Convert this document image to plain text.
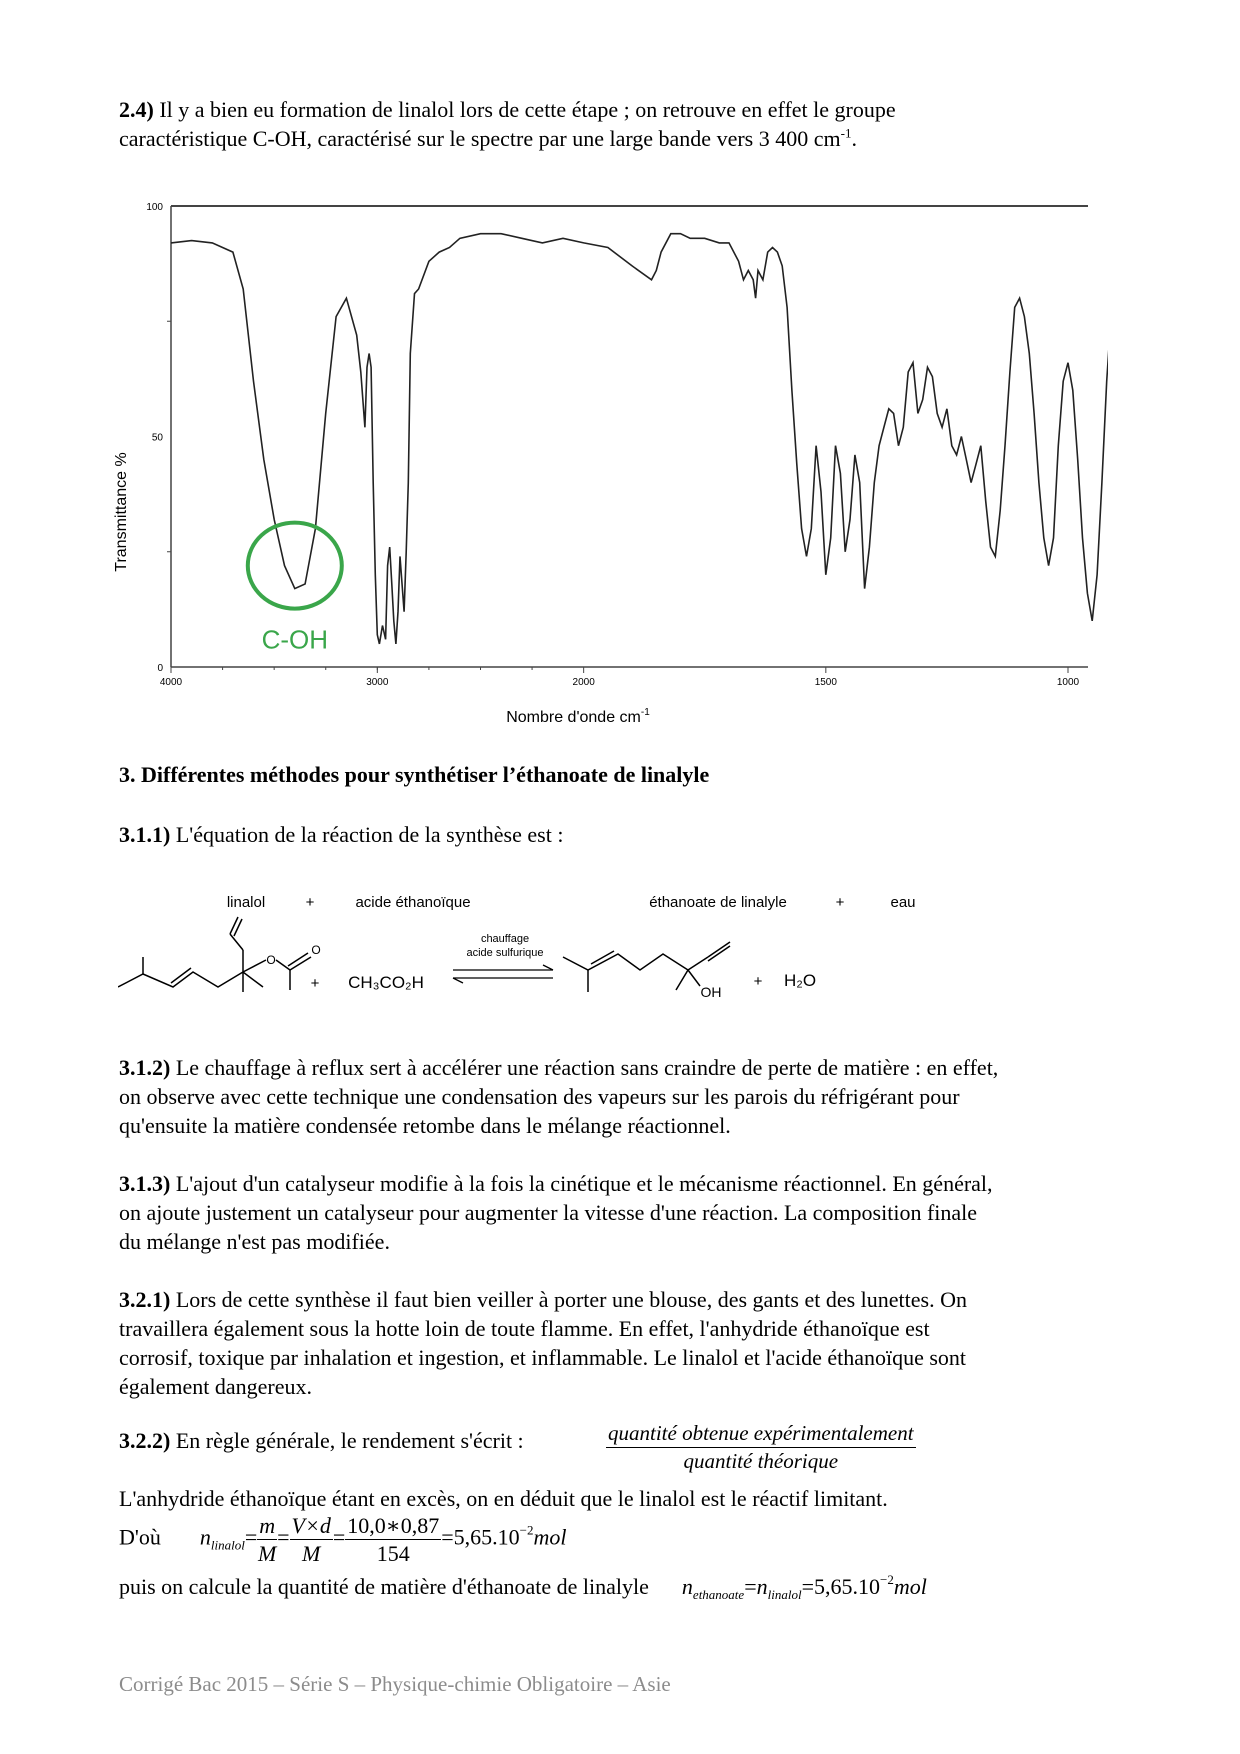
2.4) Il y a bien eu formation de linalol lors de cette étape ; on retrouve en effet le groupe
caractéristique C-OH, caractérisé sur le spectre par une large bande vers 3 400 $cm^{-1}$.

100
50
0
4000	3000	2000	1500	1000
Transmittance %
Nombre d'onde $cm^{-1}$
C-OH

3. Différentes méthodes pour synthétiser l’éthanoate de linalyle

3.1.1) L'équation de la réaction de la synthèse est :

linalol	+	acide éthanoïque	éthanoate de linalyle	+	eau
O
O
+ CH₃CO₂H
chauffage
acide sulfurique
OH
+ H₂O

3.1.2) Le chauffage à reflux sert à accélérer une réaction sans craindre de perte de matière : en effet,
on observe avec cette technique une condensation des vapeurs sur les parois du réfrigérant pour
qu'ensuite la matière condensée retombe dans le mélange réactionnel.

3.1.3) L'ajout d'un catalyseur modifie à la fois la cinétique et le mécanisme réactionnel. En général,
on ajoute justement un catalyseur pour augmenter la vitesse d'une réaction. La composition finale
du mélange n'est pas modifiée.

3.2.1) Lors de cette synthèse il faut bien veiller à porter une blouse, des gants et des lunettes. On
travaillera également sous la hotte loin de toute flamme. En effet, l'anhydride éthanoïque est
corrosif, toxique par inhalation et ingestion, et inflammable. Le linalol et l'acide éthanoïque sont
également dangereux.

3.2.2) En règle générale, le rendement s'écrit :	$\frac{\text{quantité obtenue expérimentalement}}{\text{quantité théorique}}$

L'anhydride éthanoïque étant en excès, on en déduit que le linalol est le réactif limitant.

D'où $n_{linalol}= \frac{m}{M} = \frac{V\times d}{M} = \frac{10,0∗0,87}{154} =5,65.10^{-2}mol$
puis on calcule la quantité de matière d'éthanoate de linalyle $n_{ethanoate}=n_{linalol}=5,65.10^{-2}mol$
Corrigé Bac 2015 – Série S – Physique-chimie Obligatoire – Asie
